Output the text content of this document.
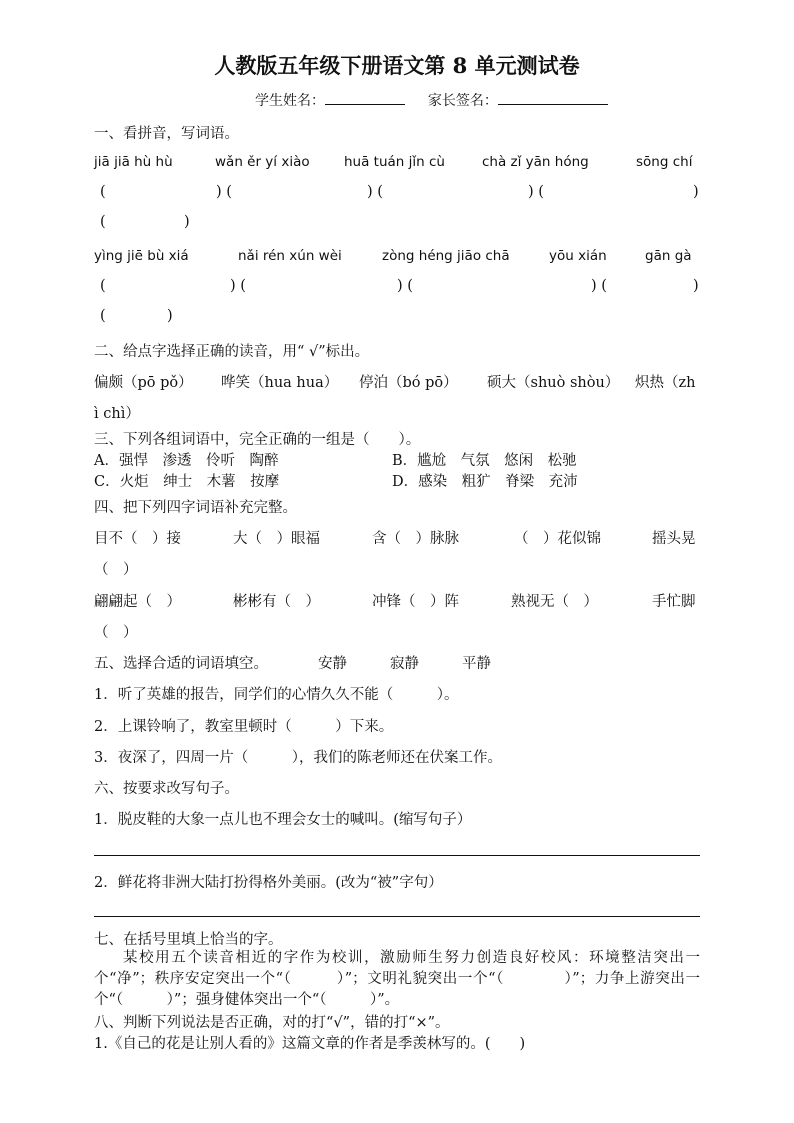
人教版五年级下册语文第 8 单元测试卷
学生姓名：	家长签名：
一、看拼音，写词语。
jiā jiā hù hù	wǎn ěr yí xiào	huā tuán jǐn cù	chà zǐ yān hóng	sōng chí
(	) (	) (	) (	)
(	)
yìng jiē bù xiá	nǎi rén xún wèi	zòng héng jiāo chā	yōu xián	gān gà
(	) (	) (	) (	)
(	)
二、给点字选择正确的读音，用“ √”标出。
偏颇（pō pǒ） 哗笑（hua hua） 停泊（bó pō） 硕大（shuò shòu） 炽热（zh
ì chì）
三、下列各组词语中，完全正确的一组是（　　）。
A．强悍　渗透　伶听　陶醉	B．尴尬　气氛　悠闲　松驰
C．火炬　绅士　木薯　按摩	D．感染　粗犷　脊梁　充沛
四、把下列四字词语补充完整。
目不（　）接	大（　）眼福	含（　）脉脉	（　）花似锦	摇头晃
（　）
翩翩起（　）	彬彬有（　）	冲锋（　）阵	熟视无（　）	手忙脚
（　）
五、选择合适的词语填空。	安静	寂静	平静
1．听了英雄的报告，同学们的心情久久不能（　　　）。
2．上课铃响了，教室里顿时（　　　）下来。
3．夜深了，四周一片（　　　），我们的陈老师还在伏案工作。
六、按要求改写句子。
1．脱皮鞋的大象一点儿也不理会女士的喊叫。(缩写句子）
2．鲜花将非洲大陆打扮得格外美丽。(改为“被”字句）
七、在括号里填上恰当的字。
某校用五个读音相近的字作为校训，激励师生努力创造良好校风：环境整洁突出一个“净”；秩序安定突出一个“（　　　）”；文明礼貌突出一个“（　　　　）”；力争上游突出一个“（　　　）”；强身健体突出一个“（　　　）”。
八、判断下列说法是否正确，对的打“√”，错的打“×”。
1.《自己的花是让别人看的》这篇文章的作者是季羡林写的。(　　)
